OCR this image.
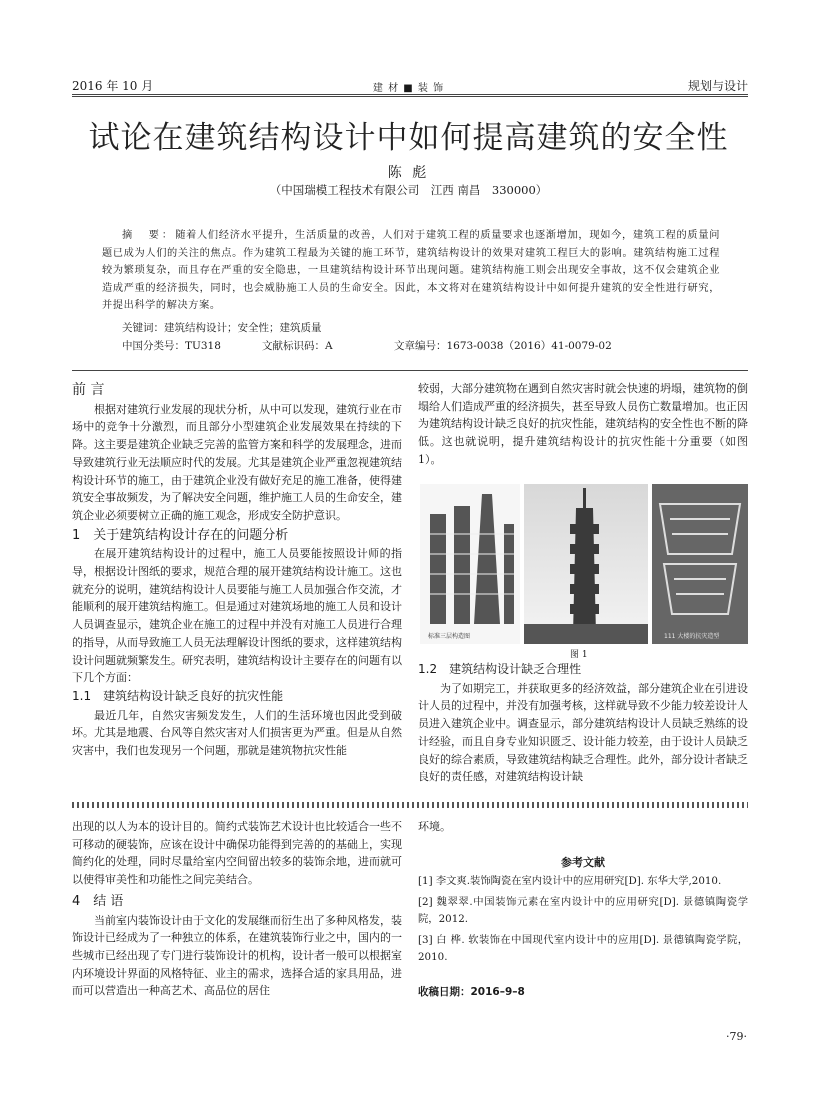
2016 年 10 月	建 材 ■ 装 饰	规划与设计
试论在建筑结构设计中如何提高建筑的安全性
陈 彪
（中国瑞模工程技术有限公司　江西 南昌　330000）
摘　要：随着人们经济水平提升，生活质量的改善，人们对于建筑工程的质量要求也逐渐增加，现如今，建筑工程的质量问题已成为人们的关注的焦点。作为建筑工程最为关键的施工环节，建筑结构设计的效果对建筑工程巨大的影响。建筑结构施工过程较为繁琐复杂，而且存在严重的安全隐患，一旦建筑结构设计环节出现问题。建筑结构施工则会出现安全事故，这不仅会建筑企业造成严重的经济损失，同时，也会威胁施工人员的生命安全。因此，本文将对在建筑结构设计中如何提升建筑的安全性进行研究，并提出科学的解决方案。
关键词：建筑结构设计；安全性；建筑质量
中国分类号：TU318	文献标识码：A	文章编号：1673-0038（2016）41-0079-02
前 言

根据对建筑行业发展的现状分析，从中可以发现，建筑行业在市场中的竞争十分激烈，而且部分小型建筑企业发展效果在持续的下降。这主要是建筑企业缺乏完善的监管方案和科学的发展理念，进而导致建筑行业无法顺应时代的发展。尤其是建筑企业严重忽视建筑结构设计环节的施工，由于建筑企业没有做好充足的施工准备，使得建筑安全事故频发，为了解决安全问题，维护施工人员的生命安全，建筑企业必须要树立正确的施工观念，形成安全防护意识。

1　关于建筑结构设计存在的问题分析

在展开建筑结构设计的过程中，施工人员要能按照设计师的指导，根据设计图纸的要求，规范合理的展开建筑结构设计施工。这也就充分的说明，建筑结构设计人员要能与施工人员加强合作交流，才能顺利的展开建筑结构施工。但是通过对建筑场地的施工人员和设计人员调查显示，建筑企业在施工的过程中并没有对施工人员进行合理的指导，从而导致施工人员无法理解设计图纸的要求，这样建筑结构设计问题就频繁发生。研究表明，建筑结构设计主要存在的问题有以下几个方面：

1.1　建筑结构设计缺乏良好的抗灾性能

最近几年，自然灾害频发发生，人们的生活环境也因此受到破坏。尤其是地震、台风等自然灾害对人们损害更为严重。但是从自然灾害中，我们也发现另一个问题，那就是建筑物抗灾性能

较弱，大部分建筑物在遇到自然灾害时就会快速的坍塌，建筑物的倒塌给人们造成严重的经济损失，甚至导致人员伤亡数量增加。也正因为建筑结构设计缺乏良好的抗灾性能，建筑结构的安全性也不断的降低。这也就说明，提升建筑结构设计的抗灾性能十分重要（如图 1）。

标准三层构造图	111 大楼的抗灾造型
图 1
1.2　建筑结构设计缺乏合理性

为了如期完工，并获取更多的经济效益，部分建筑企业在引进设计人员的过程中，并没有加强考核，这样就导致不少能力较差设计人员进入建筑企业中。调查显示，部分建筑结构设计人员缺乏熟练的设计经验，而且自身专业知识匮乏、设计能力较差，由于设计人员缺乏良好的综合素质，导致建筑结构缺乏合理性。此外，部分设计者缺乏良好的责任感，对建筑结构设计缺

出现的以人为本的设计目的。简约式装饰艺术设计也比较适合一些不可移动的硬装饰，应该在设计中确保功能得到完善的的基础上，实现简约化的处理，同时尽量给室内空间留出较多的装饰余地，进而就可以使得审美性和功能性之间完美结合。

4　结 语

当前室内装饰设计由于文化的发展继而衍生出了多种风格发，装饰设计已经成为了一种独立的体系，在建筑装饰行业之中，国内的一些城市已经出现了专门进行装饰设计的机构，设计者一般可以根据室内环境设计界面的风格特征、业主的需求，选择合适的家具用品，进而可以营造出一种高艺术、高品位的居住

环境。

参考文献
[1] 李文爽.装饰陶瓷在室内设计中的应用研究[D]. 东华大学,2010.
[2] 魏翠翠.中国装饰元素在室内设计中的应用研究[D]. 景德镇陶瓷学院，2012.
[3] 白 桦. 软装饰在中国现代室内设计中的应用[D]. 景德镇陶瓷学院，2010.
收稿日期：2016–9–8
·79·
